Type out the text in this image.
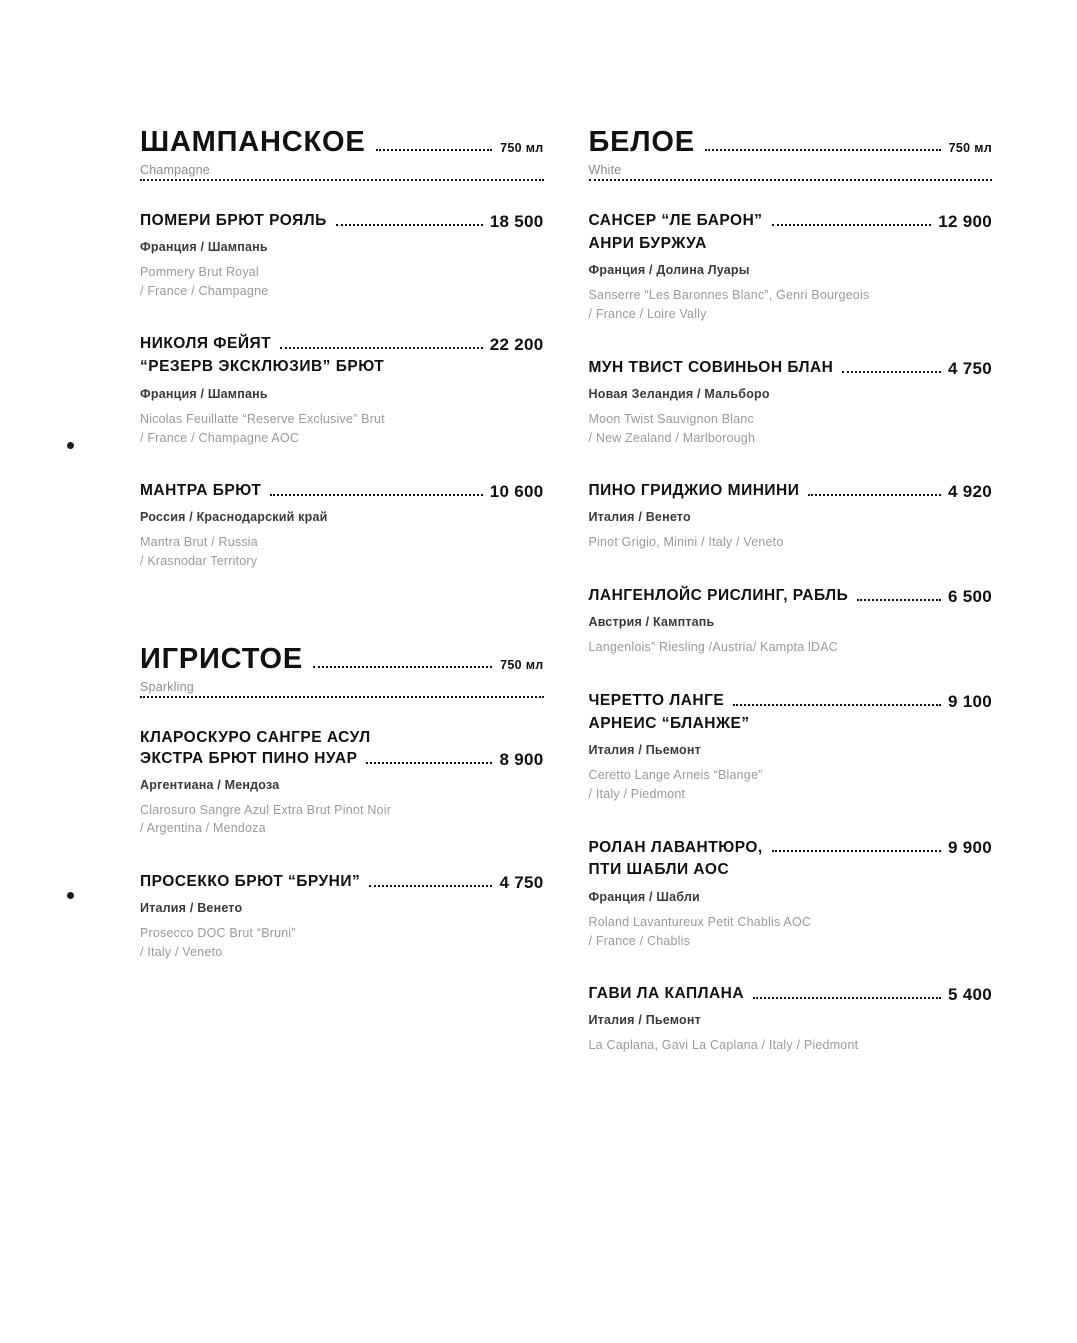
ШАМПАНСКОЕ	750 мл
Champagne
ПОМЕРИ БРЮТ РОЯЛЬ	18 500
Франция / Шампань
Pommery Brut Royal
/ France / Champagne
НИКОЛЯ ФЕЙЯТ	22 200
“РЕЗЕРВ ЭКСКЛЮЗИВ” БРЮТ
Франция / Шампань
Nicolas Feuillatte “Reserve Exclusive” Brut
/ France / Champagne AOC
МАНТРА БРЮТ	10 600
Россия / Краснодарский край
Mantra Brut / Russia
/ Krasnodar Territory
ИГРИСТОЕ	750 мл
Sparkling
КЛАРОСКУРО САНГРЕ АСУЛ
ЭКСТРА БРЮТ ПИНО НУАР	8 900
Аргентиана / Мендоза
Clarosuro Sangre Azul Extra Brut Pinot Noir
/ Argentina / Mendoza
ПРОСЕККО БРЮТ “БРУНИ”	4 750
Италия / Венето
Prosecco DOC Brut “Bruni”
/ Italy / Veneto
БЕЛОЕ	750 мл
White
САНСЕР “ЛЕ БАРОН”	12 900
АНРИ БУРЖУА
Франция / Долина Луары
Sanserre “Les Baronnes Blanc”, Genri Bourgeois
/ France / Loire Vally
МУН ТВИСТ СОВИНЬОН БЛАН	4 750
Новая Зеландия / Мальборо
Moon Twist Sauvignon Blanc
/ New Zealand / Marlborough
ПИНО ГРИДЖИО МИНИНИ	4 920
Италия / Венето
Pinot Grigio, Minini / Italy / Veneto
ЛАНГЕНЛОЙС РИСЛИНГ, РАБЛЬ	6 500
Австрия / Камптапь
Langenlois” Riesling /Austria/ Kampta lDAC
ЧЕРЕТТО ЛАНГЕ	9 100
АРНЕИС “БЛАНЖЕ”
Италия / Пьемонт
Ceretto Lange Arneis “Blange”
/ Italy / Piedmont
РОЛАН ЛАВАНТЮРО,	9 900
ПТИ ШАБЛИ АОС
Франция / Шабли
Roland Lavantureux Petit Chablis AOC
/ France / Chablis
ГАВИ ЛА КАПЛАНА	5 400
Италия / Пьемонт
La Caplana, Gavi La Caplana / Italy / Piedmont
